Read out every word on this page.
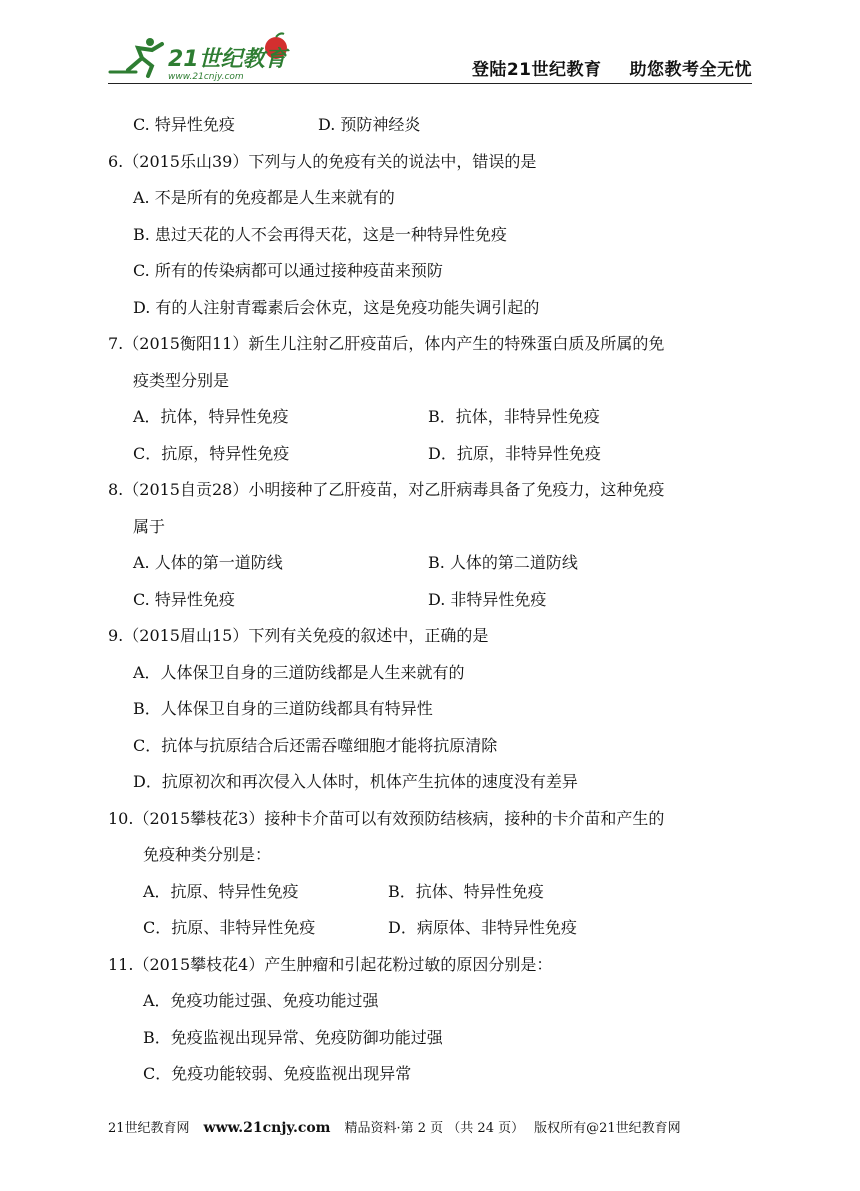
21世纪教育
www.21cnjy.com	登陆21世纪教育 助您教考全无忧
C. 特异性免疫	D. 预防神经炎
6.（2015乐山39）下列与人的免疫有关的说法中，错误的是
A. 不是所有的免疫都是人生来就有的
B. 患过天花的人不会再得天花，这是一种特异性免疫
C. 所有的传染病都可以通过接种疫苗来预防
D. 有的人注射青霉素后会休克，这是免疫功能失调引起的
7.（2015衡阳11）新生儿注射乙肝疫苗后，体内产生的特殊蛋白质及所属的免
疫类型分别是
A．抗体，特异性免疫	B．抗体，非特异性免疫
C．抗原，特异性免疫	D．抗原，非特异性免疫
8.（2015自贡28）小明接种了乙肝疫苗，对乙肝病毒具备了免疫力，这种免疫
属于
A. 人体的第一道防线	B. 人体的第二道防线
C. 特异性免疫	D. 非特异性免疫
9.（2015眉山15）下列有关免疫的叙述中，正确的是
A．人体保卫自身的三道防线都是人生来就有的
B．人体保卫自身的三道防线都具有特异性
C．抗体与抗原结合后还需吞噬细胞才能将抗原清除
D．抗原初次和再次侵入人体时，机体产生抗体的速度没有差异
10.（2015攀枝花3）接种卡介苗可以有效预防结核病，接种的卡介苗和产生的
免疫种类分别是：
A．抗原、特异性免疫	B．抗体、特异性免疫
C．抗原、非特异性免疫	D．病原体、非特异性免疫
11.（2015攀枝花4）产生肿瘤和引起花粉过敏的原因分别是：
A．免疫功能过强、免疫功能过强
B．免疫监视出现异常、免疫防御功能过强
C．免疫功能较弱、免疫监视出现异常
21世纪教育网 www.21cnjy.com 精品资料·第 2 页 （共 24 页） 版权所有@21世纪教育网
